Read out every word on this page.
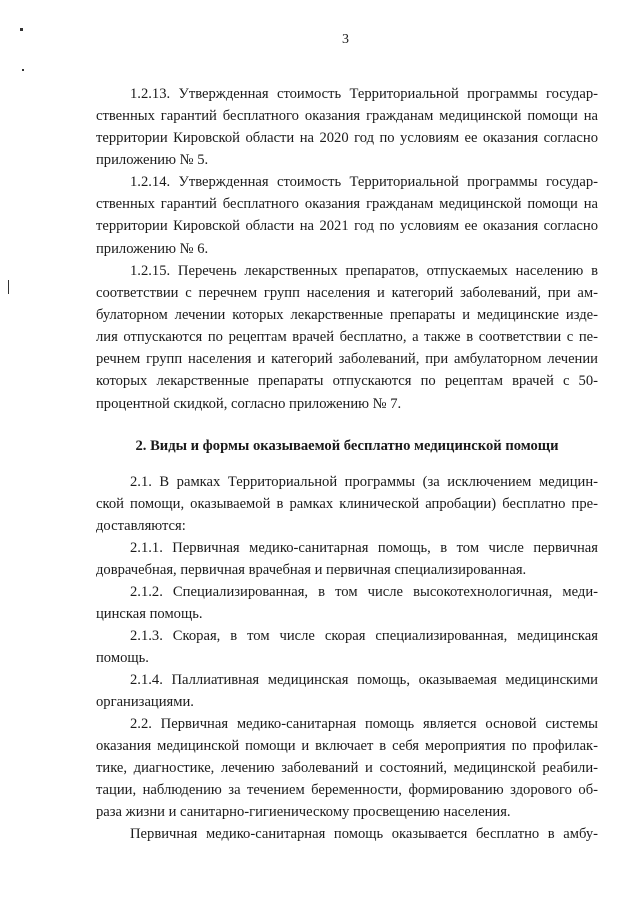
3
1.2.13. Утвержденная стоимость Территориальной программы государ-
ственных гарантий бесплатного оказания гражданам медицинской помощи на
территории Кировской области на 2020 год по условиям ее оказания согласно
приложению № 5.
1.2.14. Утвержденная стоимость Территориальной программы государ-
ственных гарантий бесплатного оказания гражданам медицинской помощи на
территории Кировской области на 2021 год по условиям ее оказания согласно
приложению № 6.
1.2.15. Перечень лекарственных препаратов, отпускаемых населению в
соответствии с перечнем групп населения и категорий заболеваний, при ам-
булаторном лечении которых лекарственные препараты и медицинские изде-
лия отпускаются по рецептам врачей бесплатно, а также в соответствии с пе-
речнем групп населения и категорий заболеваний, при амбулаторном лечении
которых лекарственные препараты отпускаются по рецептам врачей с 50-
процентной скидкой, согласно приложению № 7.
2. Виды и формы оказываемой бесплатно медицинской помощи
2.1. В рамках Территориальной программы (за исключением медицин-
ской помощи, оказываемой в рамках клинической апробации) бесплатно пре-
доставляются:
2.1.1. Первичная медико-санитарная помощь, в том числе первичная
доврачебная, первичная врачебная и первичная специализированная.
2.1.2. Специализированная, в том числе высокотехнологичная, меди-
цинская помощь.
2.1.3. Скорая, в том числе скорая специализированная, медицинская
помощь.
2.1.4. Паллиативная медицинская помощь, оказываемая медицинскими
организациями.
2.2. Первичная медико-санитарная помощь является основой системы
оказания медицинской помощи и включает в себя мероприятия по профилак-
тике, диагностике, лечению заболеваний и состояний, медицинской реабили-
тации, наблюдению за течением беременности, формированию здорового об-
раза жизни и санитарно-гигиеническому просвещению населения.
Первичная медико-санитарная помощь оказывается бесплатно в амбу-
